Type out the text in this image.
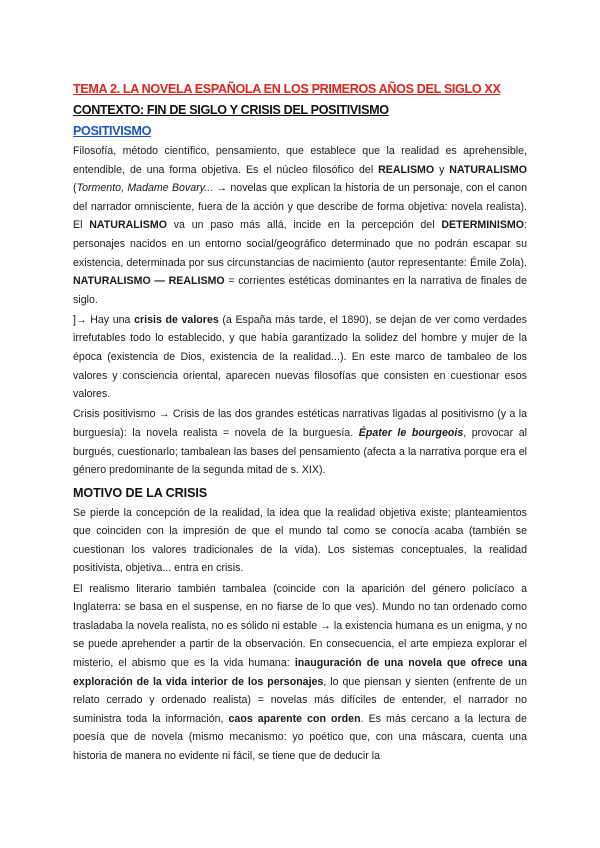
TEMA 2. LA NOVELA ESPAÑOLA EN LOS PRIMEROS AÑOS DEL SIGLO XX
CONTEXTO: FIN DE SIGLO Y CRISIS DEL POSITIVISMO
POSITIVISMO

Filosofía, método científico, pensamiento, que establece que la realidad es aprehensible, entendible, de una forma objetiva. Es el núcleo filosófico del REALISMO y NATURALISMO (Tormento, Madame Bovary... → novelas que explican la historia de un personaje, con el canon del narrador omnisciente, fuera de la acción y que describe de forma objetiva: novela realista). El NATURALISMO va un paso más allá, incide en la percepción del DETERMINISMO: personajes nacidos en un entorno social/geográfico determinado que no podrán escapar su existencia, determinada por sus circunstancias de nacimiento (autor representante: Émile Zola). NATURALISMO — REALISMO = corrientes estéticas dominantes en la narrativa de finales de siglo.

]→ Hay una crisis de valores (a España más tarde, el 1890), se dejan de ver como verdades irrefutables todo lo establecido, y que había garantizado la solidez del hombre y mujer de la época (existencia de Dios, existencia de la realidad...). En este marco de tambaleo de los valores y consciencia oriental, aparecen nuevas filosofías que consisten en cuestionar esos valores.

Crisis positivismo → Crisis de las dos grandes estéticas narrativas ligadas al positivismo (y a la burguesía): la novela realista = novela de la burguesía. Épater le bourgeois, provocar al burgués, cuestionarlo; tambalean las bases del pensamiento (afecta a la narrativa porque era el género predominante de la segunda mitad de s. XIX).

MOTIVO DE LA CRISIS

Se pierde la concepción de la realidad, la idea que la realidad objetiva existe; planteamientos que coinciden con la impresión de que el mundo tal como se conocía acaba (también se cuestionan los valores tradicionales de la vida). Los sistemas conceptuales, la realidad positivista, objetiva... entra en crisis.

El realismo literario también tambalea (coincide con la aparición del género policíaco a Inglaterra: se basa en el suspense, en no fiarse de lo que ves). Mundo no tan ordenado como trasladaba la novela realista, no es sólido ni estable → la existencia humana es un enigma, y no se puede aprehender a partir de la observación. En consecuencia, el arte empieza explorar el misterio, el abismo que es la vida humana: inauguración de una novela que ofrece una exploración de la vida interior de los personajes, lo que piensan y sienten (enfrente de un relato cerrado y ordenado realista) = novelas más difíciles de entender, el narrador no suministra toda la información, caos aparente con orden. Es más cercano a la lectura de poesía que de novela (mismo mecanismo: yo poético que, con una máscara, cuenta una historia de manera no evidente ni fácil, se tiene que de deducir la
